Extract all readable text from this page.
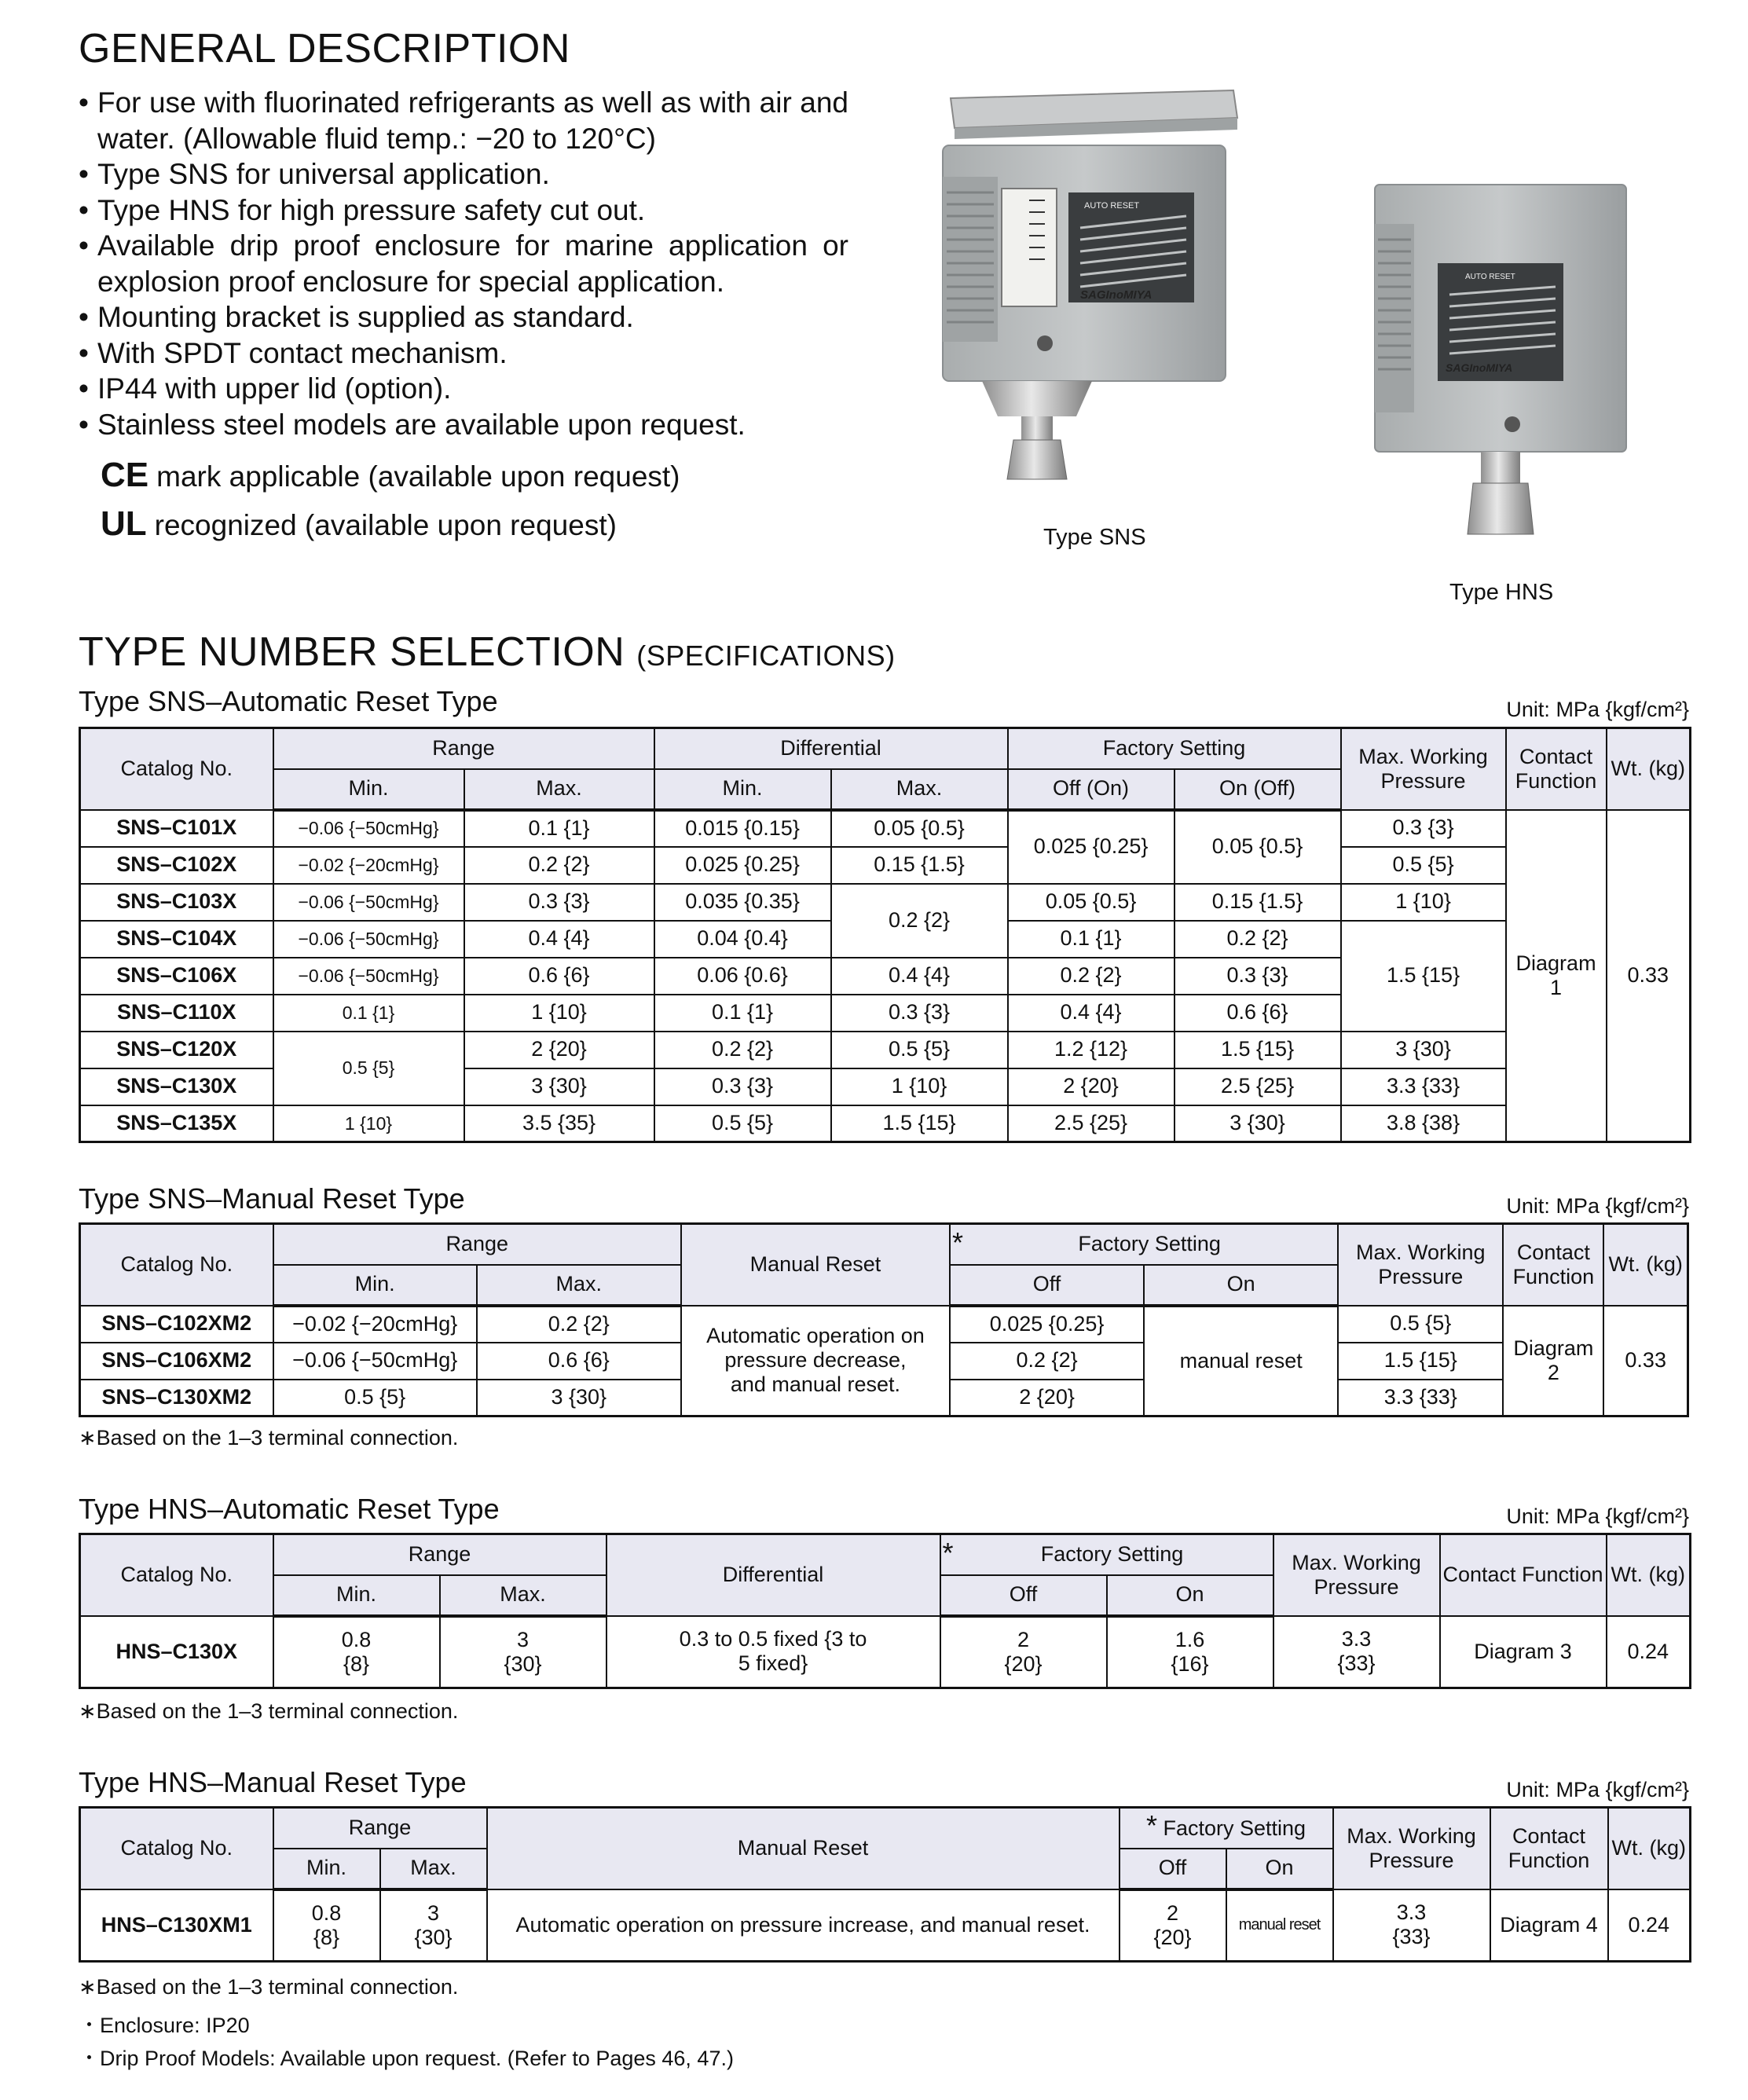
GENERAL DESCRIPTION
• For use with fluorinated refrigerants as well as with air and water. (Allowable fluid temp.: −20 to 120°C)
• Type SNS for universal application.
• Type HNS for high pressure safety cut out.
• Available drip proof enclosure for marine application or explosion proof enclosure for special application.
• Mounting bracket is supplied as standard.
• With SPDT contact mechanism.
• IP44 with upper lid (option).
• Stainless steel models are available upon request.
CE mark applicable (available upon request)
UL recognized (available upon request)
AUTO RESET
SAGInoMIYA
Type SNS
AUTO RESET
SAGInoMIYA
Type HNS
TYPE NUMBER SELECTION (SPECIFICATIONS)
Type SNS–Automatic Reset Type	Unit: MPa {kgf/cm²}
Catalog No.	Range		Differential		Factory Setting		Max. Working Pressure	Contact Function	Wt. (kg)
	Min.	Max.	Min.	Max.	Off (On)	On (Off)			
SNS–C101X	−0.06 {−50cmHg}	0.1 {1}	0.015 {0.15}	0.05 {0.5}	0.025 {0.25}	0.05 {0.5}	0.3 {3}	Diagram 1	0.33
SNS–C102X	−0.02 {−20cmHg}	0.2 {2}	0.025 {0.25}	0.15 {1.5}			0.5 {5}		
SNS–C103X	−0.06 {−50cmHg}	0.3 {3}	0.035 {0.35}	0.2 {2}	0.05 {0.5}	0.15 {1.5}	1 {10}		
SNS–C104X	−0.06 {−50cmHg}	0.4 {4}	0.04 {0.4}		0.1 {1}	0.2 {2}	1.5 {15}		
SNS–C106X	−0.06 {−50cmHg}	0.6 {6}	0.06 {0.6}	0.4 {4}	0.2 {2}	0.3 {3}			
SNS–C110X	0.1 {1}	1 {10}	0.1 {1}	0.3 {3}	0.4 {4}	0.6 {6}			
SNS–C120X	0.5 {5}	2 {20}	0.2 {2}	0.5 {5}	1.2 {12}	1.5 {15}	3 {30}		
SNS–C130X		3 {30}	0.3 {3}	1 {10}	2 {20}	2.5 {25}	3.3 {33}		
SNS–C135X	1 {10}	3.5 {35}	0.5 {5}	1.5 {15}	2.5 {25}	3 {30}	3.8 {38}		
Type SNS–Manual Reset Type	Unit: MPa {kgf/cm²}
Catalog No.	Range		Manual Reset	* Factory Setting		Max. Working Pressure	Contact Function	Wt. (kg)
	Min.	Max.		Off	On			
SNS–C102XM2	−0.02 {−20cmHg}	0.2 {2}	Automatic operation on pressure decrease, and manual reset.	0.025 {0.25}	manual reset	0.5 {5}	Diagram 2	0.33
SNS–C106XM2	−0.06 {−50cmHg}	0.6 {6}		0.2 {2}		1.5 {15}		
SNS–C130XM2	0.5 {5}	3 {30}		2 {20}		3.3 {33}		
∗Based on the 1–3 terminal connection.
Type HNS–Automatic Reset Type	Unit: MPa {kgf/cm²}
Catalog No.	Range		Differential	* Factory Setting		Max. Working Pressure	Contact Function	Wt. (kg)
	Min.	Max.		Off	On			
HNS–C130X	0.8 {8}	3 {30}	0.3 to 0.5 fixed {3 to 5 fixed}	2 {20}	1.6 {16}	3.3 {33}	Diagram 3	0.24
∗Based on the 1–3 terminal connection.
Type HNS–Manual Reset Type	Unit: MPa {kgf/cm²}
Catalog No.	Range		Manual Reset	* Factory Setting		Max. Working Pressure	Contact Function	Wt. (kg)
	Min.	Max.		Off	On			
HNS–C130XM1	0.8 {8}	3 {30}	Automatic operation on pressure increase, and manual reset.	2 {20}	manual reset	3.3 {33}	Diagram 4	0.24
∗Based on the 1–3 terminal connection.
・Enclosure: IP20
・Drip Proof Models: Available upon request. (Refer to Pages 46, 47.)
